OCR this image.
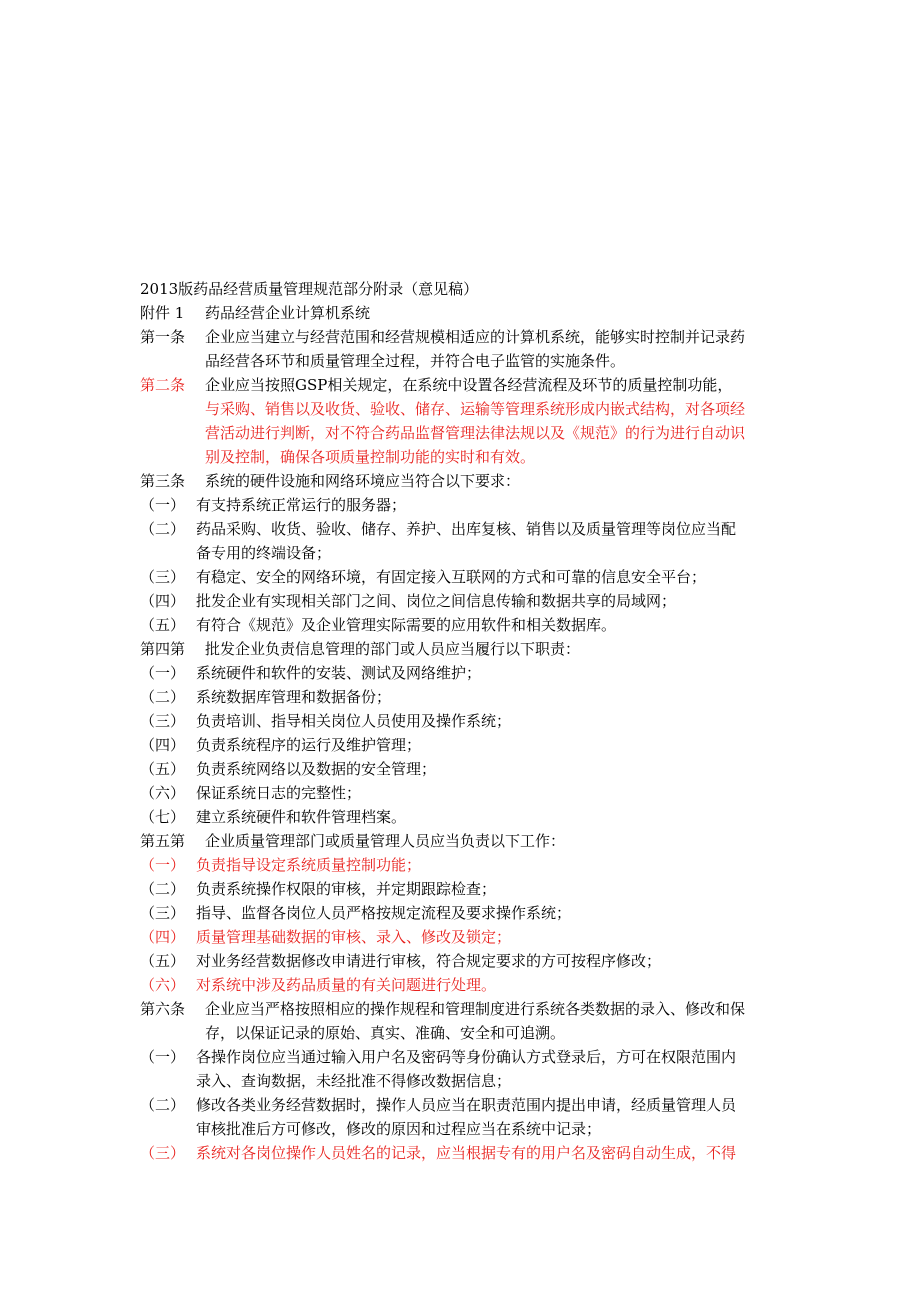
2013版药品经营质量管理规范部分附录（意见稿）
附件 1 药品经营企业计算机系统
第一条 企业应当建立与经营范围和经营规模相适应的计算机系统，能够实时控制并记录药
品经营各环节和质量管理全过程，并符合电子监管的实施条件。
第二条 企业应当按照GSP相关规定，在系统中设置各经营流程及环节的质量控制功能，
与采购、销售以及收货、验收、储存、运输等管理系统形成内嵌式结构，对各项经
营活动进行判断，对不符合药品监督管理法律法规以及《规范》的行为进行自动识
别及控制，确保各项质量控制功能的实时和有效。
第三条 系统的硬件设施和网络环境应当符合以下要求：
（一） 有支持系统正常运行的服务器；
（二） 药品采购、收货、验收、储存、养护、出库复核、销售以及质量管理等岗位应当配
备专用的终端设备；
（三） 有稳定、安全的网络环境，有固定接入互联网的方式和可靠的信息安全平台；
（四） 批发企业有实现相关部门之间、岗位之间信息传输和数据共享的局域网；
（五） 有符合《规范》及企业管理实际需要的应用软件和相关数据库。
第四第 批发企业负责信息管理的部门或人员应当履行以下职责：
（一） 系统硬件和软件的安装、测试及网络维护；
（二） 系统数据库管理和数据备份；
（三） 负责培训、指导相关岗位人员使用及操作系统；
（四） 负责系统程序的运行及维护管理；
（五） 负责系统网络以及数据的安全管理；
（六） 保证系统日志的完整性；
（七） 建立系统硬件和软件管理档案。
第五第 企业质量管理部门或质量管理人员应当负责以下工作：
（一） 负责指导设定系统质量控制功能；
（二） 负责系统操作权限的审核，并定期跟踪检查；
（三） 指导、监督各岗位人员严格按规定流程及要求操作系统；
（四） 质量管理基础数据的审核、录入、修改及锁定；
（五） 对业务经营数据修改申请进行审核，符合规定要求的方可按程序修改；
（六） 对系统中涉及药品质量的有关问题进行处理。
第六条 企业应当严格按照相应的操作规程和管理制度进行系统各类数据的录入、修改和保
存，以保证记录的原始、真实、准确、安全和可追溯。
（一） 各操作岗位应当通过输入用户名及密码等身份确认方式登录后，方可在权限范围内
录入、查询数据，未经批准不得修改数据信息；
（二） 修改各类业务经营数据时，操作人员应当在职责范围内提出申请，经质量管理人员
审核批准后方可修改，修改的原因和过程应当在系统中记录；
（三） 系统对各岗位操作人员姓名的记录，应当根据专有的用户名及密码自动生成，不得
